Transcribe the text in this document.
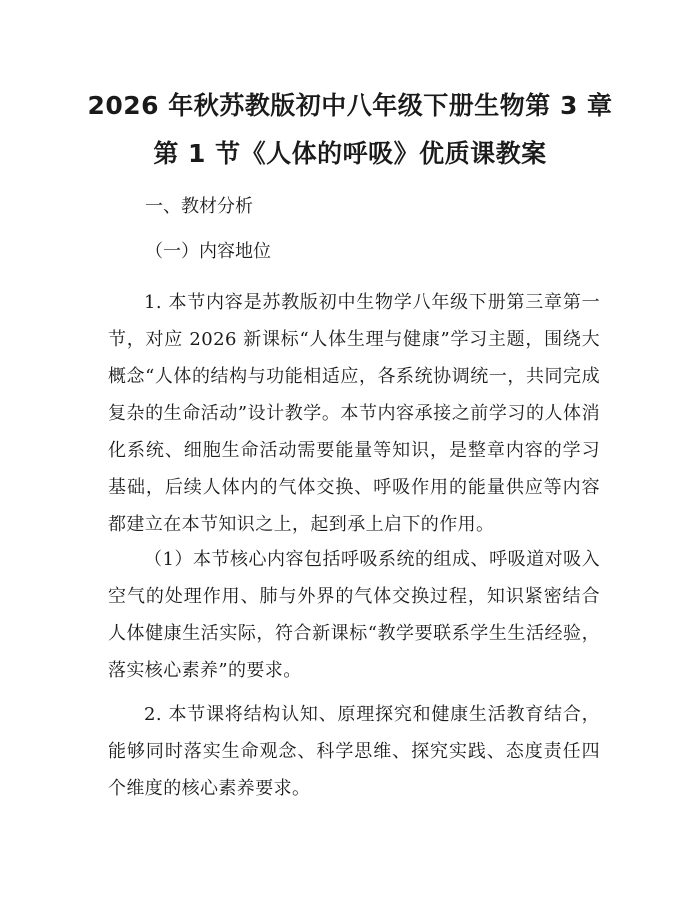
2026 年秋苏教版初中八年级下册生物第 3 章
第 1 节《人体的呼吸》优质课教案

一、教材分析

（一）内容地位

1. 本节内容是苏教版初中生物学八年级下册第三章第一节，对应 2026 新课标“人体生理与健康”学习主题，围绕大概念“人体的结构与功能相适应，各系统协调统一，共同完成复杂的生命活动”设计教学。本节内容承接之前学习的人体消化系统、细胞生命活动需要能量等知识，是整章内容的学习基础，后续人体内的气体交换、呼吸作用的能量供应等内容都建立在本节知识之上，起到承上启下的作用。

（1）本节核心内容包括呼吸系统的组成、呼吸道对吸入空气的处理作用、肺与外界的气体交换过程，知识紧密结合人体健康生活实际，符合新课标“教学要联系学生生活经验，落实核心素养”的要求。

2. 本节课将结构认知、原理探究和健康生活教育结合，能够同时落实生命观念、科学思维、探究实践、态度责任四个维度的核心素养要求。
